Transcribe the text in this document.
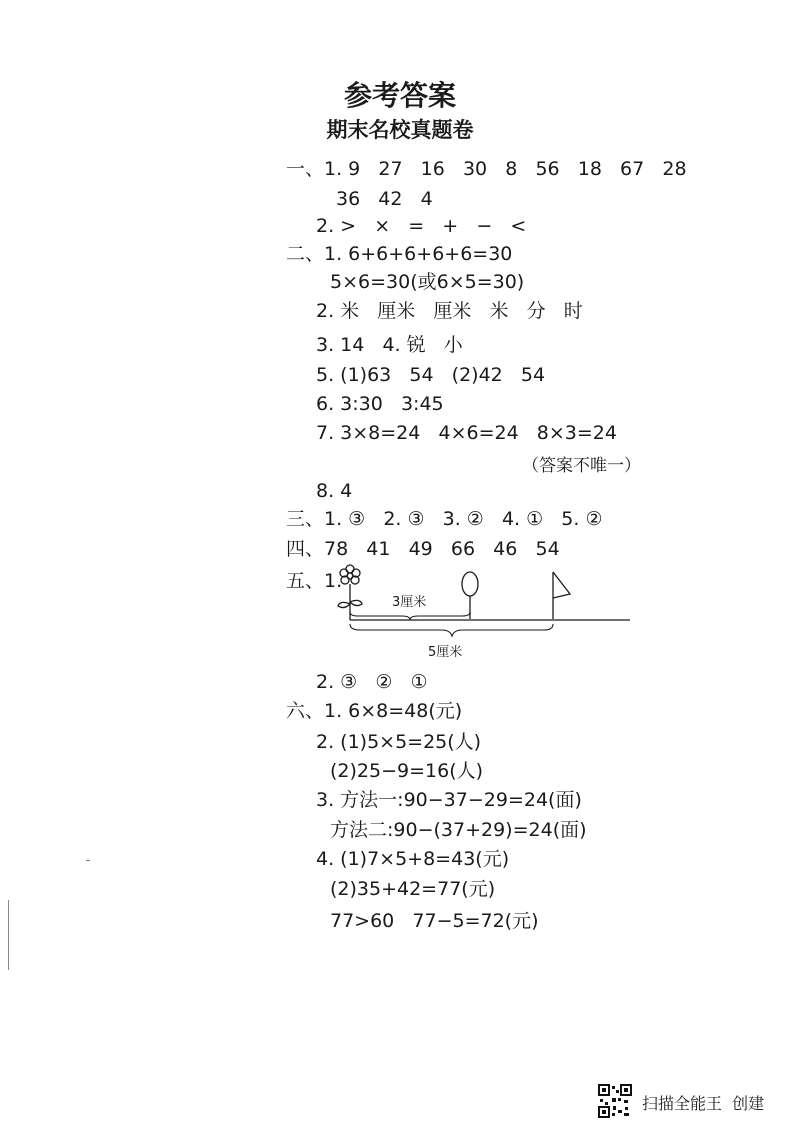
参考答案
期末名校真题卷
一、1. 9   27   16   30   8   56   18   67   28
36   42   4
2. >   ×   =   +   −   <
二、1. 6+6+6+6+6=30
5×6=30(或6×5=30)
2. 米   厘米   厘米   米   分   时
3. 14   4. 锐   小
5. (1)63   54   (2)42   54
6. 3:30   3:45
7. 3×8=24   4×6=24   8×3=24
（答案不唯一）
8. 4
三、1. ③   2. ③   3. ②   4. ①   5. ②
四、78   41   49   66   46   54
五、1.
3厘米
5厘米
2. ③   ②   ①
六、1. 6×8=48(元)
2. (1)5×5=25(人)
(2)25−9=16(人)
3. 方法一:90−37−29=24(面)
方法二:90−(37+29)=24(面)
4. (1)7×5+8=43(元)
(2)35+42=77(元)
77>60   77−5=72(元)
扫描全能王  创建
